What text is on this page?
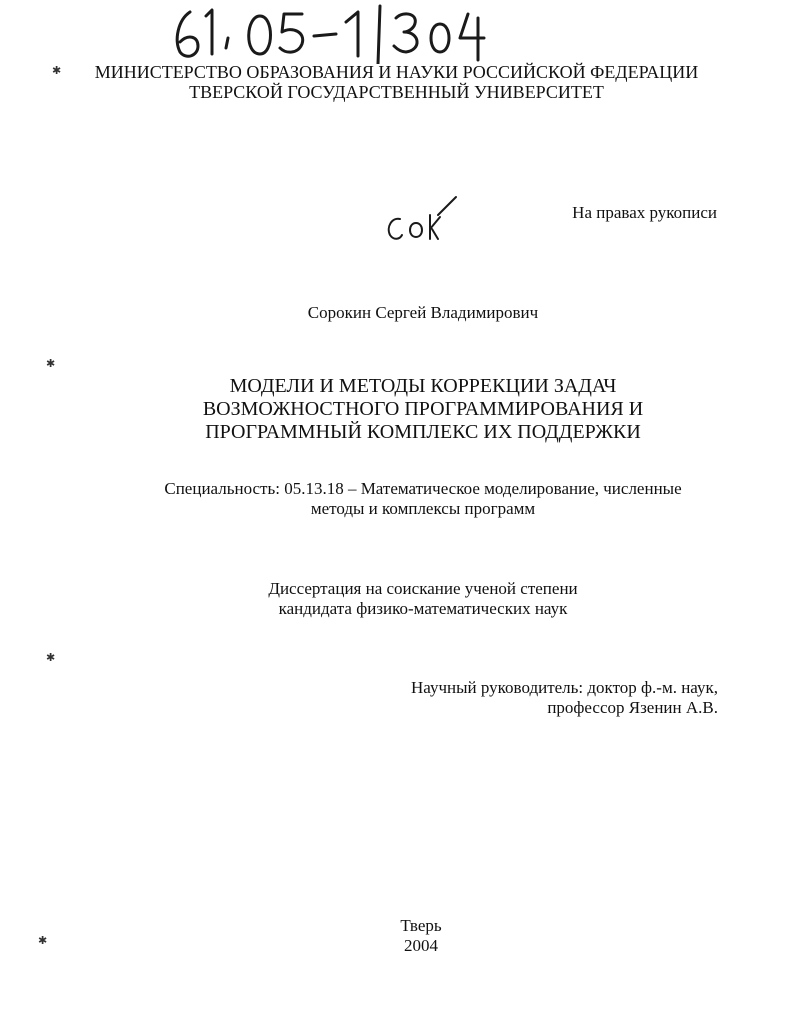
✱	МИНИСТЕРСТВО ОБРАЗОВАНИЯ И НАУКИ РОССИЙСКОЙ ФЕДЕРАЦИИ
ТВЕРСКОЙ ГОСУДАРСТВЕННЫЙ УНИВЕРСИТЕТ
На правах рукописи
Сорокин Сергей Владимирович
✱
МОДЕЛИ И МЕТОДЫ КОРРЕКЦИИ ЗАДАЧ
ВОЗМОЖНОСТНОГО ПРОГРАММИРОВАНИЯ И
ПРОГРАММНЫЙ КОМПЛЕКС ИХ ПОДДЕРЖКИ
Специальность: 05.13.18 – Математическое моделирование, численные
методы и комплексы программ
Диссертация на соискание ученой степени
кандидата физико-математических наук
✱
Научный руководитель: доктор ф.-м. наук,
профессор Язенин А.В.
Тверь
2004
✱
